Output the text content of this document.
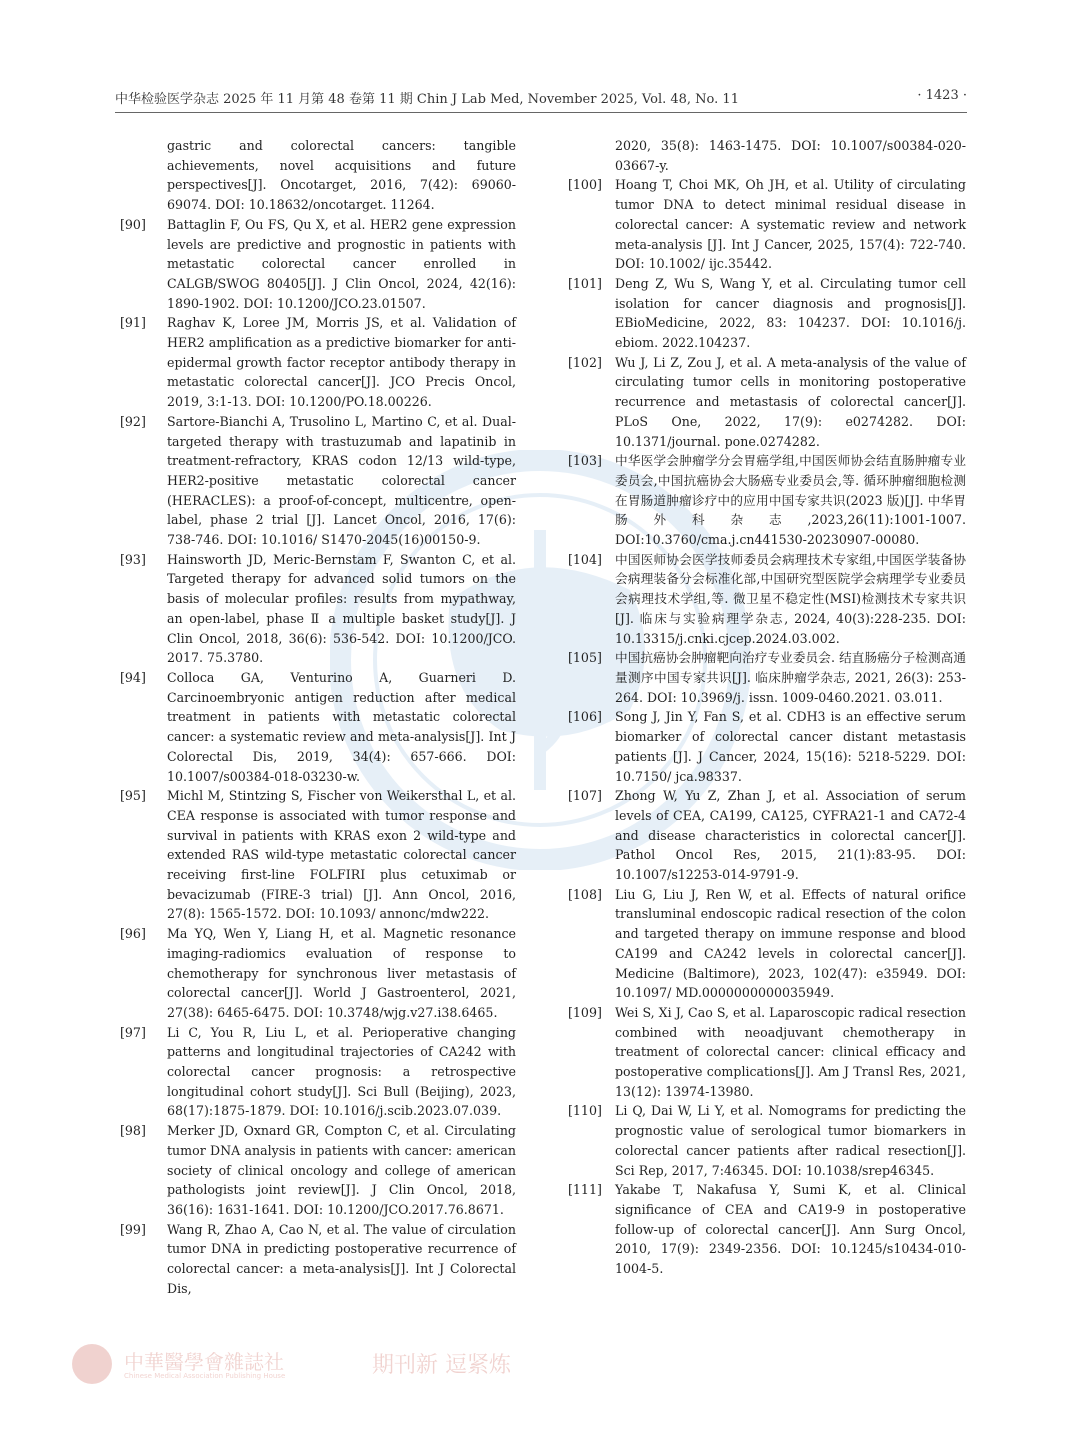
中华检验医学杂志 2025 年 11 月第 48 卷第 11 期 Chin J Lab Med, November 2025, Vol. 48, No. 11	· 1423 ·
gastric and colorectal cancers: tangible achievements, novel acquisitions and future perspectives[J]. Oncotarget, 2016, 7(42): 69060-69074. DOI: 10.18632/oncotarget. 11264.
[90]	Battaglin F, Ou FS, Qu X, et al. HER2 gene expression levels are predictive and prognostic in patients with metastatic colorectal cancer enrolled in CALGB/SWOG 80405[J]. J Clin Oncol, 2024, 42(16): 1890-1902. DOI: 10.1200/JCO.23.01507.
[91]	Raghav K, Loree JM, Morris JS, et al. Validation of HER2 amplification as a predictive biomarker for anti-epidermal growth factor receptor antibody therapy in metastatic colorectal cancer[J]. JCO Precis Oncol, 2019, 3:1-13. DOI: 10.1200/PO.18.00226.
[92]	Sartore-Bianchi A, Trusolino L, Martino C, et al. Dual-targeted therapy with trastuzumab and lapatinib in treatment-refractory, KRAS codon 12/13 wild-type, HER2-positive metastatic colorectal cancer (HERACLES): a proof-of-concept, multicentre, open-label, phase 2 trial [J]. Lancet Oncol, 2016, 17(6): 738-746. DOI: 10.1016/ S1470-2045(16)00150-9.
[93]	Hainsworth JD, Meric-Bernstam F, Swanton C, et al. Targeted therapy for advanced solid tumors on the basis of molecular profiles: results from mypathway, an open-label, phase Ⅱ a multiple basket study[J]. J Clin Oncol, 2018, 36(6): 536-542. DOI: 10.1200/JCO. 2017. 75.3780.
[94]	Colloca GA, Venturino A, Guarneri D. Carcinoembryonic antigen reduction after medical treatment in patients with metastatic colorectal cancer: a systematic review and meta-analysis[J]. Int J Colorectal Dis, 2019, 34(4): 657-666. DOI: 10.1007/s00384-018-03230-w.
[95]	Michl M, Stintzing S, Fischer von Weikersthal L, et al. CEA response is associated with tumor response and survival in patients with KRAS exon 2 wild-type and extended RAS wild-type metastatic colorectal cancer receiving first-line FOLFIRI plus cetuximab or bevacizumab (FIRE-3 trial) [J]. Ann Oncol, 2016, 27(8): 1565-1572. DOI: 10.1093/ annonc/mdw222.
[96]	Ma YQ, Wen Y, Liang H, et al. Magnetic resonance imaging-radiomics evaluation of response to chemotherapy for synchronous liver metastasis of colorectal cancer[J]. World J Gastroenterol, 2021, 27(38): 6465-6475. DOI: 10.3748/wjg.v27.i38.6465.
[97]	Li C, You R, Liu L, et al. Perioperative changing patterns and longitudinal trajectories of CA242 with colorectal cancer prognosis: a retrospective longitudinal cohort study[J]. Sci Bull (Beijing), 2023, 68(17):1875-1879. DOI: 10.1016/j.scib.2023.07.039.
[98]	Merker JD, Oxnard GR, Compton C, et al. Circulating tumor DNA analysis in patients with cancer: american society of clinical oncology and college of american pathologists joint review[J]. J Clin Oncol, 2018, 36(16): 1631-1641. DOI: 10.1200/JCO.2017.76.8671.
[99]	Wang R, Zhao A, Cao N, et al. The value of circulation tumor DNA in predicting postoperative recurrence of colorectal cancer: a meta-analysis[J]. Int J Colorectal Dis,
2020, 35(8): 1463-1475. DOI: 10.1007/s00384-020- 03667-y.
[100]	Hoang T, Choi MK, Oh JH, et al. Utility of circulating tumor DNA to detect minimal residual disease in colorectal cancer: A systematic review and network meta-analysis [J]. Int J Cancer, 2025, 157(4): 722-740. DOI: 10.1002/ ijc.35442.
[101]	Deng Z, Wu S, Wang Y, et al. Circulating tumor cell isolation for cancer diagnosis and prognosis[J]. EBioMedicine, 2022, 83: 104237. DOI: 10.1016/j. ebiom. 2022.104237.
[102]	Wu J, Li Z, Zou J, et al. A meta-analysis of the value of circulating tumor cells in monitoring postoperative recurrence and metastasis of colorectal cancer[J]. PLoS One, 2022, 17(9): e0274282. DOI: 10.1371/journal. pone.0274282.
[103]	中华医学会肿瘤学分会胃癌学组,中国医师协会结直肠肿瘤专业委员会,中国抗癌协会大肠癌专业委员会,等. 循环肿瘤细胞检测在胃肠道肿瘤诊疗中的应用中国专家共识(2023 版)[J]. 中华胃肠外科杂志,2023,26(11):1001-1007. DOI:10.3760/cma.j.cn441530-20230907-00080.
[104]	中国医师协会医学技师委员会病理技术专家组,中国医学装备协会病理装备分会标准化部,中国研究型医院学会病理学专业委员会病理技术学组,等. 微卫星不稳定性(MSI)检测技术专家共识[J]. 临床与实验病理学杂志, 2024, 40(3):228-235. DOI: 10.13315/j.cnki.cjcep.2024.03.002.
[105]	中国抗癌协会肿瘤靶向治疗专业委员会. 结直肠癌分子检测高通量测序中国专家共识[J]. 临床肿瘤学杂志, 2021, 26(3): 253-264. DOI: 10.3969/j. issn. 1009-0460.2021. 03.011.
[106]	Song J, Jin Y, Fan S, et al. CDH3 is an effective serum biomarker of colorectal cancer distant metastasis patients [J]. J Cancer, 2024, 15(16): 5218-5229. DOI: 10.7150/ jca.98337.
[107]	Zhong W, Yu Z, Zhan J, et al. Association of serum levels of CEA, CA199, CA125, CYFRA21-1 and CA72-4 and disease characteristics in colorectal cancer[J]. Pathol Oncol Res, 2015, 21(1):83-95. DOI: 10.1007/s12253-014-9791-9.
[108]	Liu G, Liu J, Ren W, et al. Effects of natural orifice transluminal endoscopic radical resection of the colon and targeted therapy on immune response and blood CA199 and CA242 levels in colorectal cancer[J]. Medicine (Baltimore), 2023, 102(47): e35949. DOI: 10.1097/ MD.0000000000035949.
[109]	Wei S, Xi J, Cao S, et al. Laparoscopic radical resection combined with neoadjuvant chemotherapy in treatment of colorectal cancer: clinical efficacy and postoperative complications[J]. Am J Transl Res, 2021, 13(12): 13974-13980.
[110]	Li Q, Dai W, Li Y, et al. Nomograms for predicting the prognostic value of serological tumor biomarkers in colorectal cancer patients after radical resection[J]. Sci Rep, 2017, 7:46345. DOI: 10.1038/srep46345.
[111]	Yakabe T, Nakafusa Y, Sumi K, et al. Clinical significance of CEA and CA19-9 in postoperative follow-up of colorectal cancer[J]. Ann Surg Oncol, 2010, 17(9): 2349-2356. DOI: 10.1245/s10434-010-1004-5.
中華醫學會雜誌社
Chinese Medical Association Publishing House	期刊新 逗紧炼
